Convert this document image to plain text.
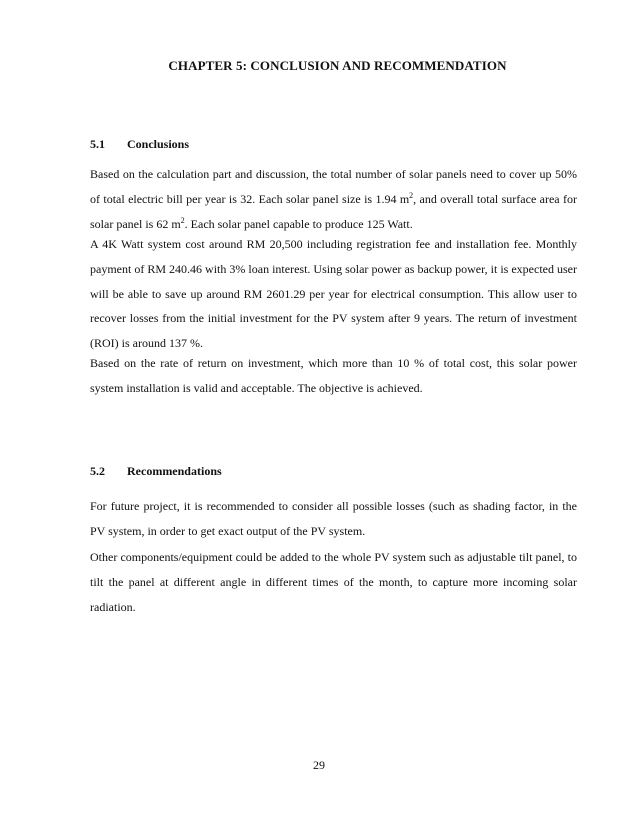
CHAPTER 5: CONCLUSION AND RECOMMENDATION
5.1 Conclusions
Based on the calculation part and discussion, the total number of solar panels need to cover up 50% of total electric bill per year is 32. Each solar panel size is 1.94 $m^2$, and overall total surface area for solar panel is 62 $m^2$. Each solar panel capable to produce 125 Watt.
A 4K Watt system cost around RM 20,500 including registration fee and installation fee. Monthly payment of RM 240.46 with 3% loan interest. Using solar power as backup power, it is expected user will be able to save up around RM 2601.29 per year for electrical consumption. This allow user to recover losses from the initial investment for the PV system after 9 years. The return of investment (ROI) is around 137 %.
Based on the rate of return on investment, which more than 10 % of total cost, this solar power system installation is valid and acceptable. The objective is achieved.
5.2 Recommendations
For future project, it is recommended to consider all possible losses (such as shading factor, in the PV system, in order to get exact output of the PV system.
Other components/equipment could be added to the whole PV system such as adjustable tilt panel, to tilt the panel at different angle in different times of the month, to capture more incoming solar radiation.
29
